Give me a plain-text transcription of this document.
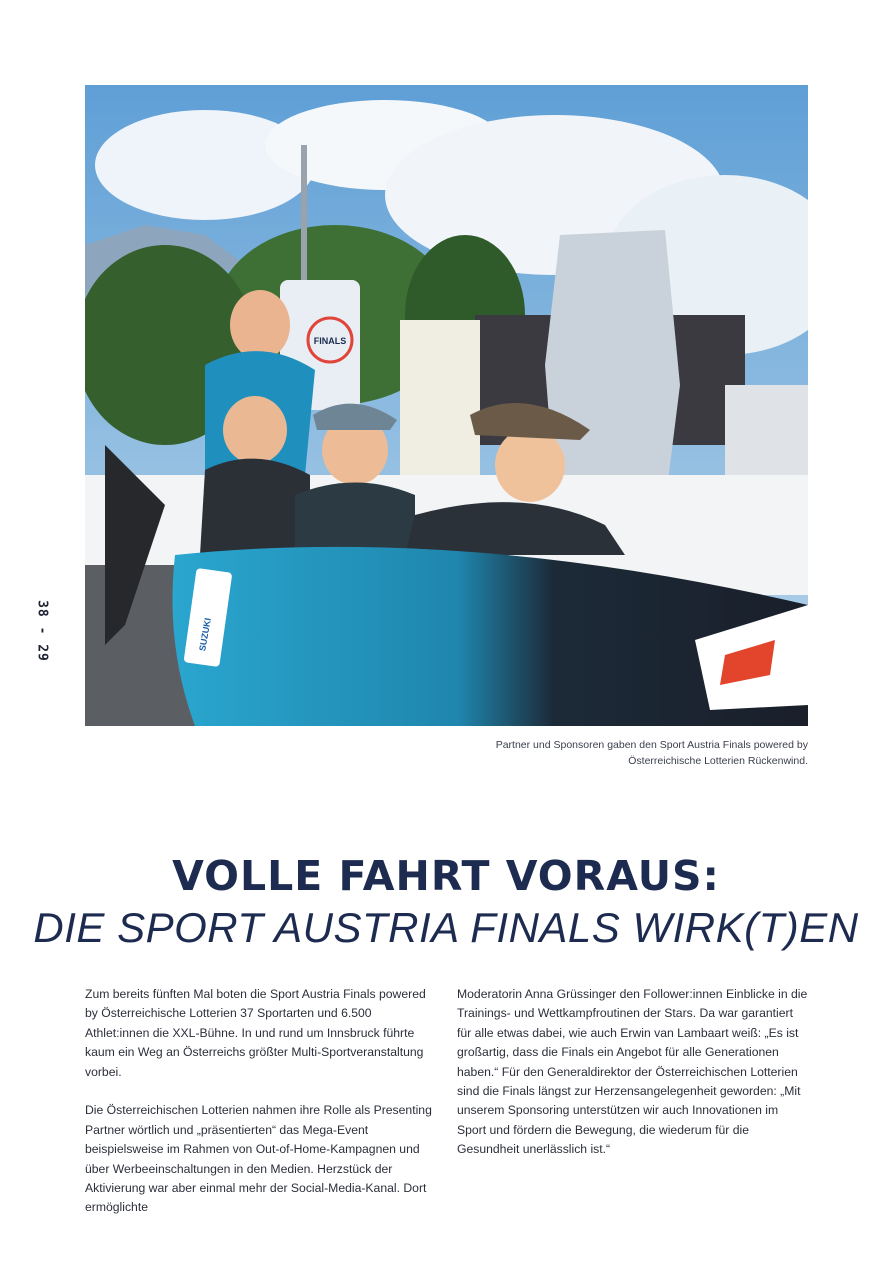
FINALS
SUZUKI
Partner und Sponsoren gaben den Sport Austria Finals powered by
Österreichische Lotterien Rückenwind.
38 - 29
VOLLE FAHRT VORAUS:
DIE SPORT AUSTRIA FINALS WIRK(T)EN

Zum bereits fünften Mal boten die Sport Austria Finals powered by Österreichische Lotterien 37 Sportarten und 6.500 Athlet:innen die XXL-Bühne. In und rund um Innsbruck führte kaum ein Weg an Österreichs größter Multi-Sportveranstaltung vorbei.

Die Österreichischen Lotterien nahmen ihre Rolle als Presenting Partner wörtlich und „präsentierten“ das Mega-Event beispielsweise im Rahmen von Out-of-Home-Kampagnen und über Werbeeinschaltungen in den Medien. Herzstück der Aktivierung war aber einmal mehr der Social-Media-Kanal. Dort ermöglichte

Moderatorin Anna Grüssinger den Follower:innen Einblicke in die Trainings- und Wettkampfroutinen der Stars. Da war garantiert für alle etwas dabei, wie auch Erwin van Lambaart weiß: „Es ist großartig, dass die Finals ein Angebot für alle Generationen haben.“ Für den Generaldirektor der Österreichischen Lotterien sind die Finals längst zur Herzensangelegenheit geworden: „Mit unserem Sponsoring unterstützen wir auch Innovationen im Sport und fördern die Bewegung, die wiederum für die Gesundheit unerlässlich ist.“
